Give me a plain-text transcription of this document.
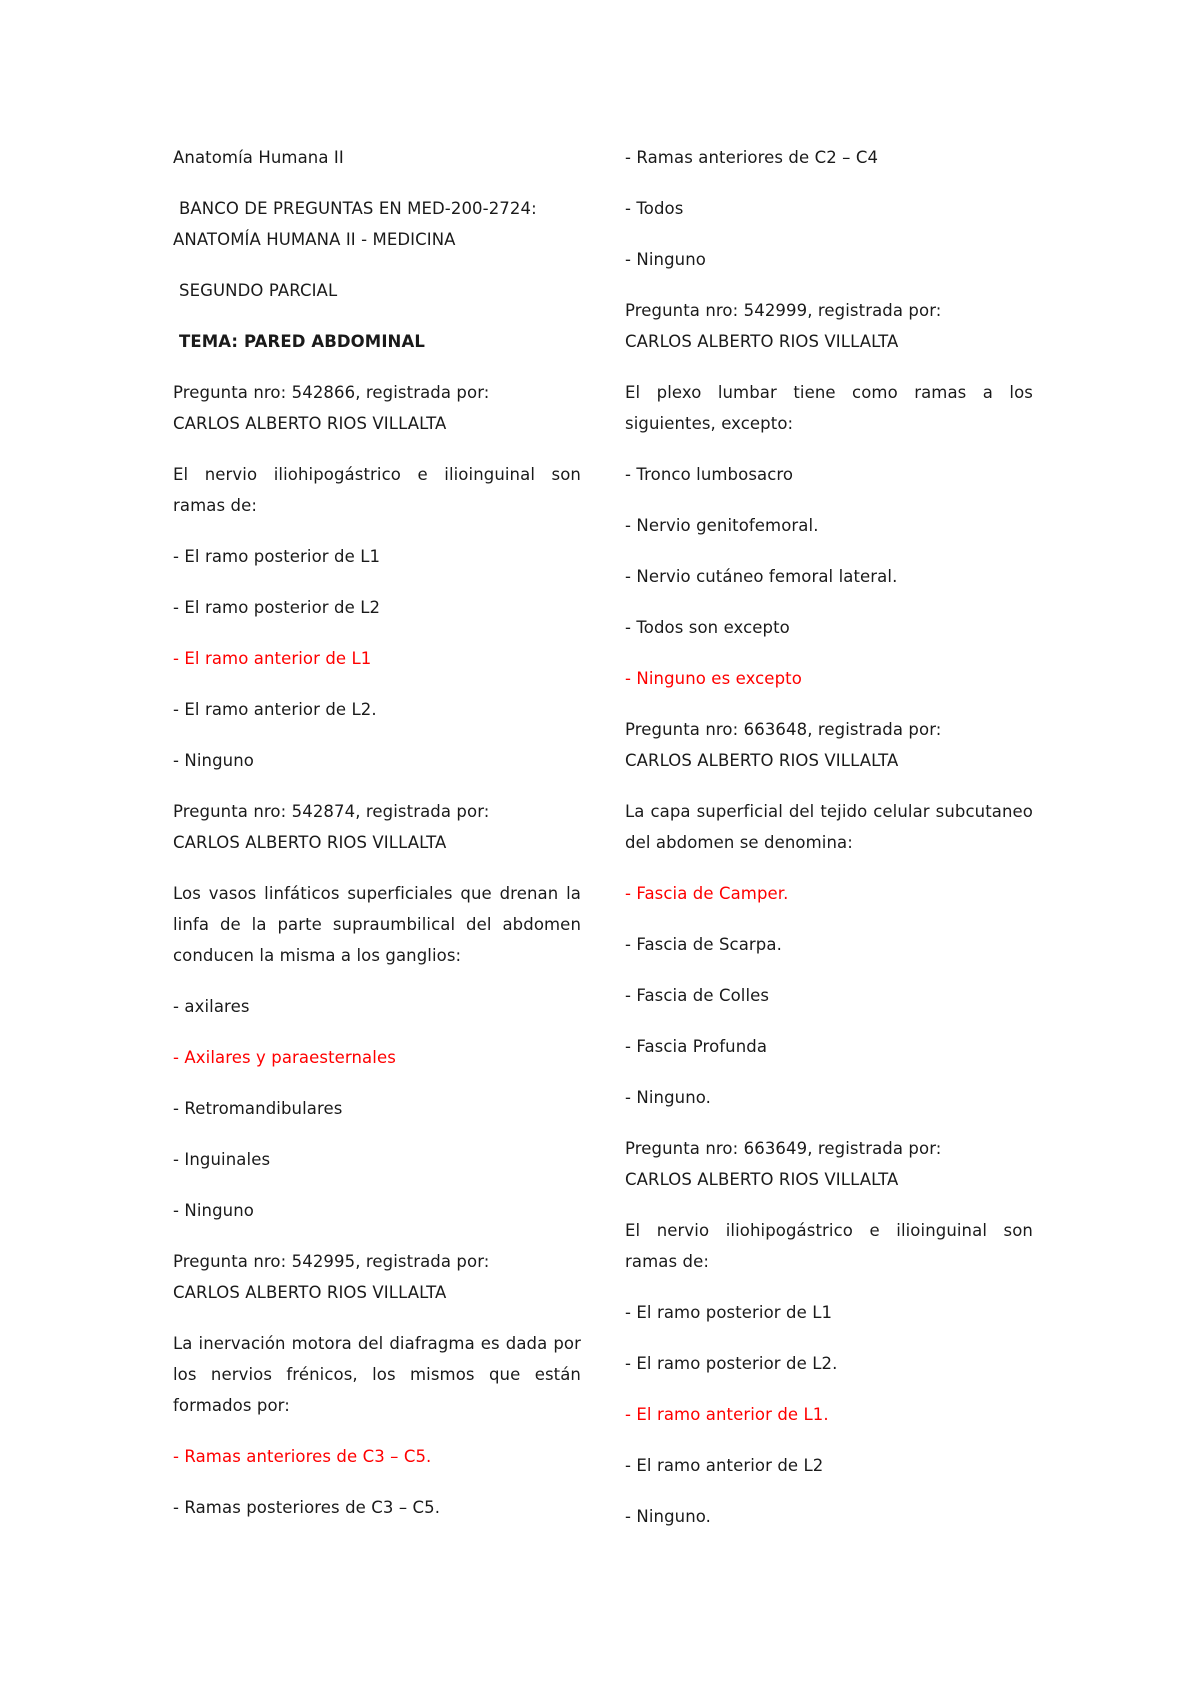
Anatomía Humana II

BANCO DE PREGUNTAS EN MED-200-2724:
ANATOMÍA HUMANA II - MEDICINA

SEGUNDO PARCIAL

TEMA: PARED ABDOMINAL

Pregunta nro: 542866, registrada por:
CARLOS ALBERTO RIOS VILLALTA

El nervio iliohipogástrico e ilioinguinal son ramas de:

- El ramo posterior de L1

- El ramo posterior de L2

- El ramo anterior de L1

- El ramo anterior de L2.

- Ninguno

Pregunta nro: 542874, registrada por:
CARLOS ALBERTO RIOS VILLALTA

Los vasos linfáticos superficiales que drenan la linfa de la parte supraumbilical del abdomen conducen la misma a los ganglios:

- axilares

- Axilares y paraesternales

- Retromandibulares

- Inguinales

- Ninguno

Pregunta nro: 542995, registrada por:
CARLOS ALBERTO RIOS VILLALTA

La inervación motora del diafragma es dada por los nervios frénicos, los mismos que están formados por:

- Ramas anteriores de C3 – C5.

- Ramas posteriores de C3 – C5.

- Ramas anteriores de C2 – C4

- Todos

- Ninguno

Pregunta nro: 542999, registrada por:
CARLOS ALBERTO RIOS VILLALTA

El plexo lumbar tiene como ramas a los siguientes, excepto:

- Tronco lumbosacro

- Nervio genitofemoral.

- Nervio cutáneo femoral lateral.

- Todos son excepto

- Ninguno es excepto

Pregunta nro: 663648, registrada por:
CARLOS ALBERTO RIOS VILLALTA

La capa superficial del tejido celular subcutaneo del abdomen se denomina:

- Fascia de Camper.

- Fascia de Scarpa.

- Fascia de Colles

- Fascia Profunda

- Ninguno.

Pregunta nro: 663649, registrada por:
CARLOS ALBERTO RIOS VILLALTA

El nervio iliohipogástrico e ilioinguinal son ramas de:

- El ramo posterior de L1

- El ramo posterior de L2.

- El ramo anterior de L1.

- El ramo anterior de L2

- Ninguno.
